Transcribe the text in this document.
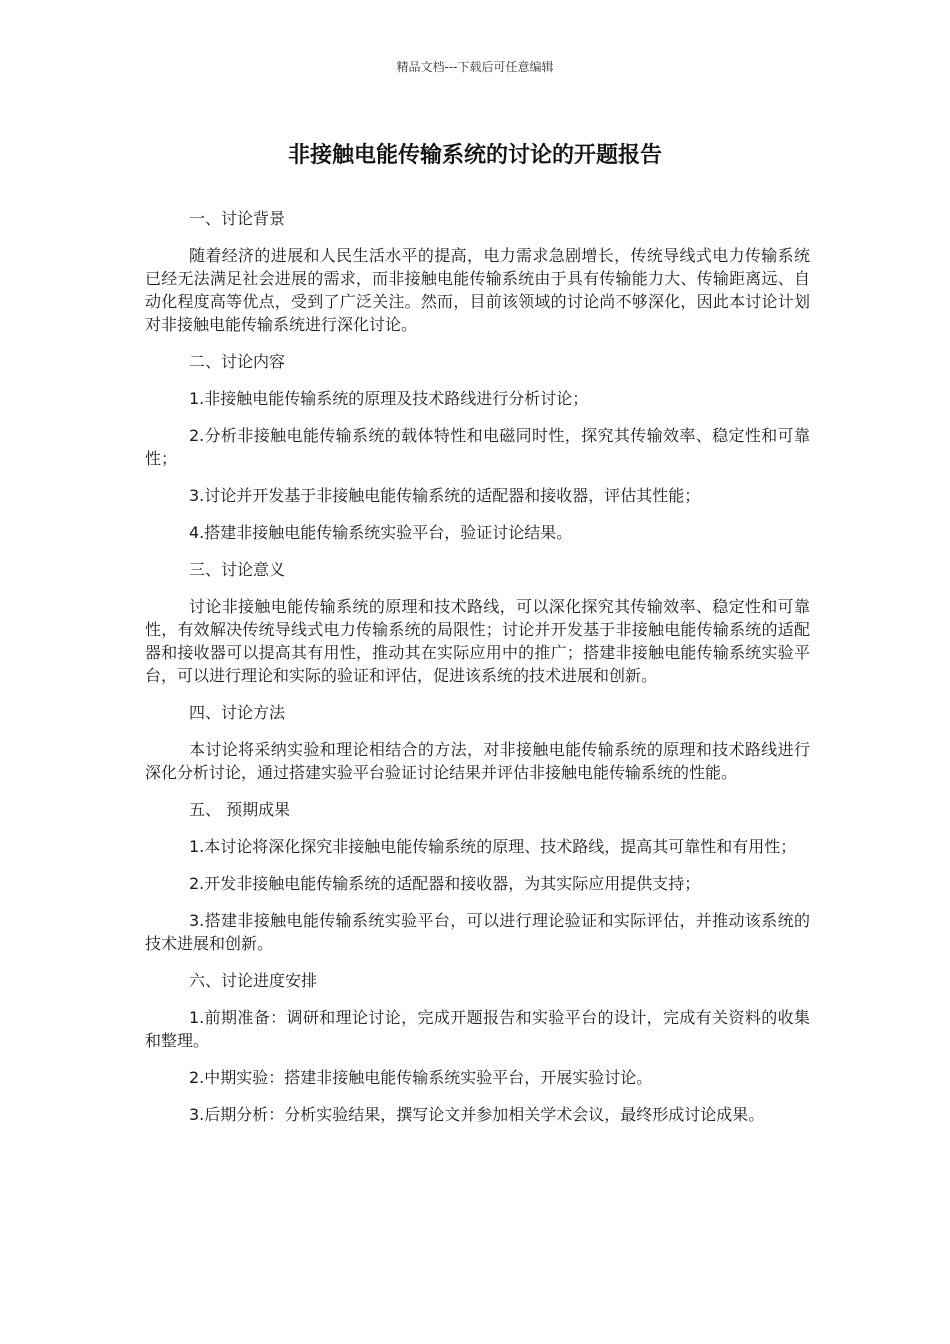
精品文档---下载后可任意编辑
非接触电能传输系统的讨论的开题报告

一、讨论背景

随着经济的进展和人民生活水平的提高，电力需求急剧增长，传统导线式电力传输系统已经无法满足社会进展的需求，而非接触电能传输系统由于具有传输能力大、传输距离远、自动化程度高等优点，受到了广泛关注。然而，目前该领域的讨论尚不够深化，因此本讨论计划对非接触电能传输系统进行深化讨论。

二、讨论内容

1.非接触电能传输系统的原理及技术路线进行分析讨论；

2.分析非接触电能传输系统的载体特性和电磁同时性，探究其传输效率、稳定性和可靠性；

3.讨论并开发基于非接触电能传输系统的适配器和接收器，评估其性能；

4.搭建非接触电能传输系统实验平台，验证讨论结果。

三、讨论意义

讨论非接触电能传输系统的原理和技术路线，可以深化探究其传输效率、稳定性和可靠性，有效解决传统导线式电力传输系统的局限性；讨论并开发基于非接触电能传输系统的适配器和接收器可以提高其有用性，推动其在实际应用中的推广；搭建非接触电能传输系统实验平台，可以进行理论和实际的验证和评估，促进该系统的技术进展和创新。

四、讨论方法

本讨论将采纳实验和理论相结合的方法，对非接触电能传输系统的原理和技术路线进行深化分析讨论，通过搭建实验平台验证讨论结果并评估非接触电能传输系统的性能。

五、 预期成果

1.本讨论将深化探究非接触电能传输系统的原理、技术路线，提高其可靠性和有用性；

2.开发非接触电能传输系统的适配器和接收器，为其实际应用提供支持；

3.搭建非接触电能传输系统实验平台，可以进行理论验证和实际评估，并推动该系统的技术进展和创新。

六、讨论进度安排

1.前期准备：调研和理论讨论，完成开题报告和实验平台的设计，完成有关资料的收集和整理。

2.中期实验：搭建非接触电能传输系统实验平台，开展实验讨论。

3.后期分析：分析实验结果，撰写论文并参加相关学术会议，最终形成讨论成果。
